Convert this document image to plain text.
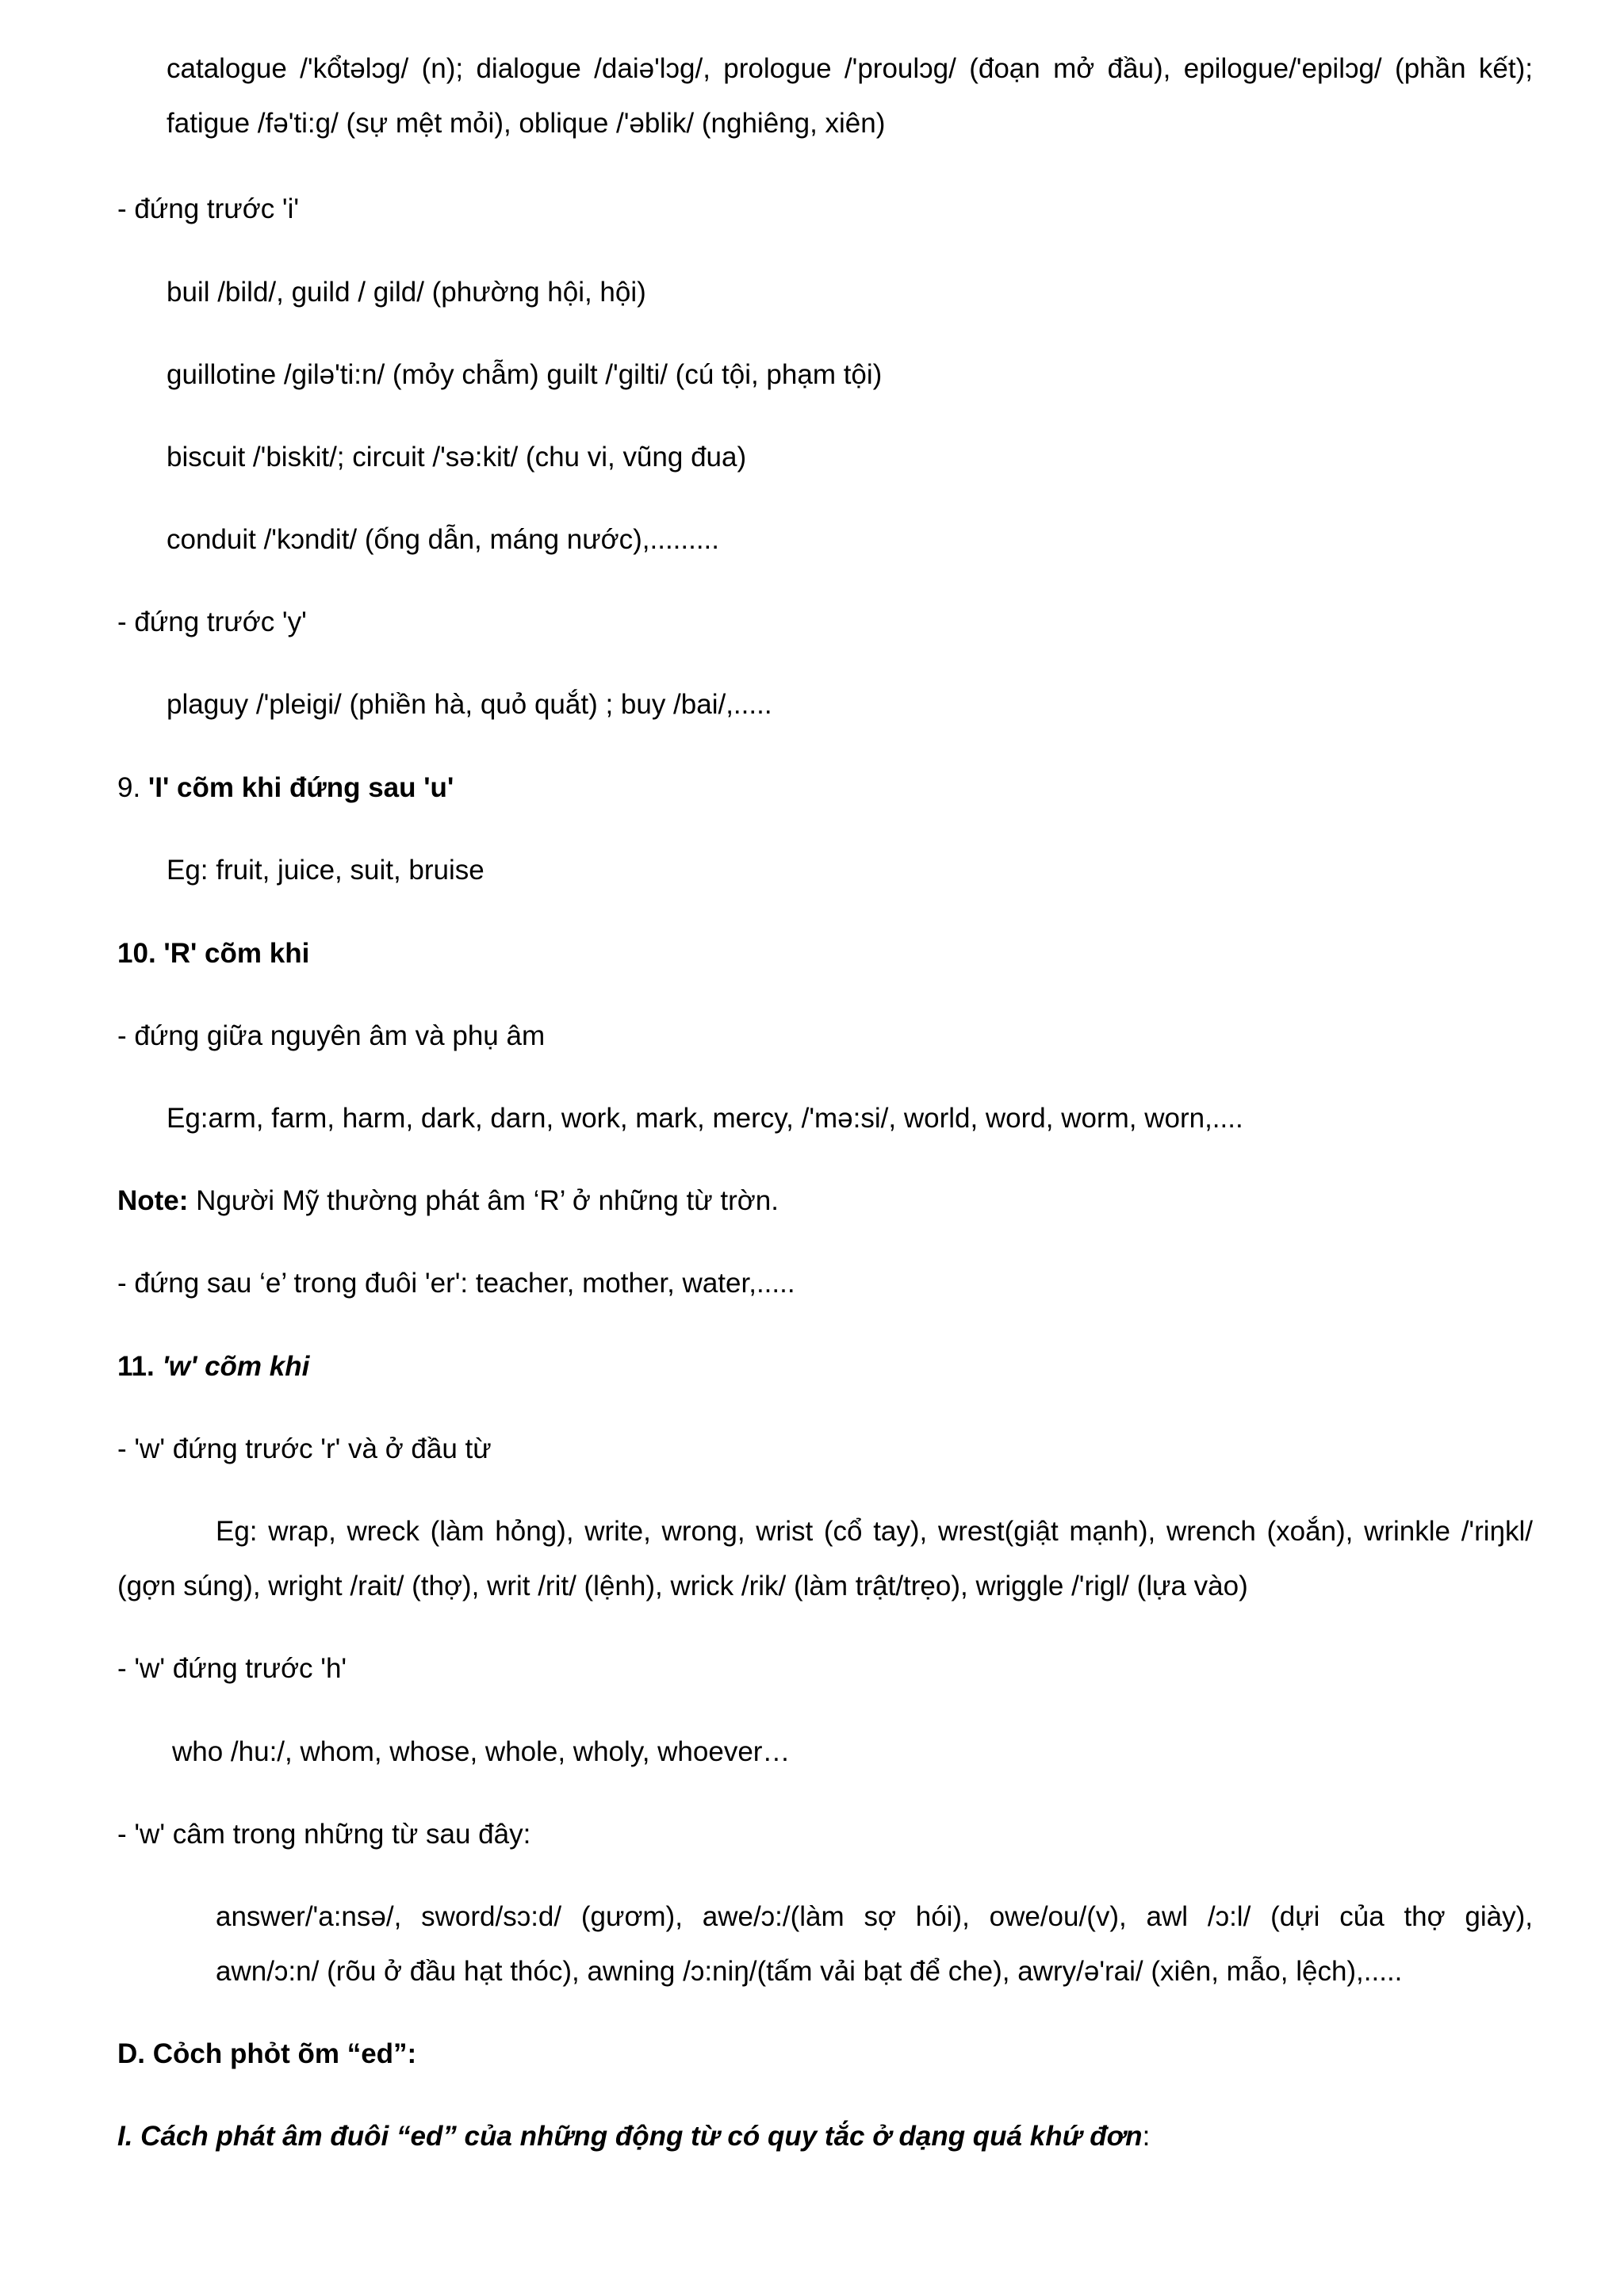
catalogue /'kổtəlɔg/ (n); dialogue /daiə'lɔg/, prologue /'proulɔg/ (đoạn mở đầu), epilogue/'epilɔg/ (phần kết);

fatigue /fə'ti:g/ (sự mệt mỏi), oblique /'əblik/ (nghiêng, xiên)

- đứng trước 'i'

buil /bild/, guild / gild/ (phường hội, hội)

guillotine /gilə'ti:n/ (mỏy chẫm) guilt /'gilti/ (cú tội, phạm tội)

biscuit /'biskit/; circuit /'sə:kit/ (chu vi, vũng đua)

conduit /'kɔndit/ (ống dẫn, máng nước),.........

- đứng trước 'y'

plaguy /'pleigi/ (phiền hà, quỏ quắt) ; buy /bai/,.....

9. 'I' cõm khi đứng sau 'u'

Eg: fruit, juice, suit, bruise

10. 'R' cõm khi

- đứng giữa nguyên âm và phụ âm

Eg:arm, farm, harm, dark, darn, work, mark, mercy, /'mə:si/, world, word, worm, worn,....

Note: Người Mỹ thường phát âm ‘R’ ở những từ trờn.

- đứng sau ‘e’ trong đuôi 'er': teacher, mother, water,.....

11. 'w' cõm khi

- 'w' đứng trước 'r' và ở đầu từ

Eg: wrap, wreck (làm hỏng), write, wrong, wrist (cổ tay), wrest(giật mạnh), wrench (xoắn), wrinkle /'riŋkl/

(gợn súng), wright /rait/ (thợ), writ /rit/ (lệnh), wrick /rik/ (làm trật/trẹo), wriggle /'rigl/ (lựa vào)

- 'w' đứng trước 'h'

who /hu:/, whom, whose, whole, wholy, whoever…

- 'w' câm trong những từ sau đây:

answer/'a:nsə/, sword/sɔ:d/ (gươm), awe/ɔ:/(làm sợ hói), owe/ou/(v), awl /ɔ:l/ (dựi của thợ giày),

awn/ɔ:n/ (rõu ở đầu hạt thóc), awning /ɔ:niŋ/(tấm vải bạt để che), awry/ə'rai/ (xiên, mẫo, lệch),.....

D. Cỏch phỏt õm “ed”:

I. Cách phát âm đuôi “ed” của những động từ có quy tắc ở dạng quá khứ đơn:
